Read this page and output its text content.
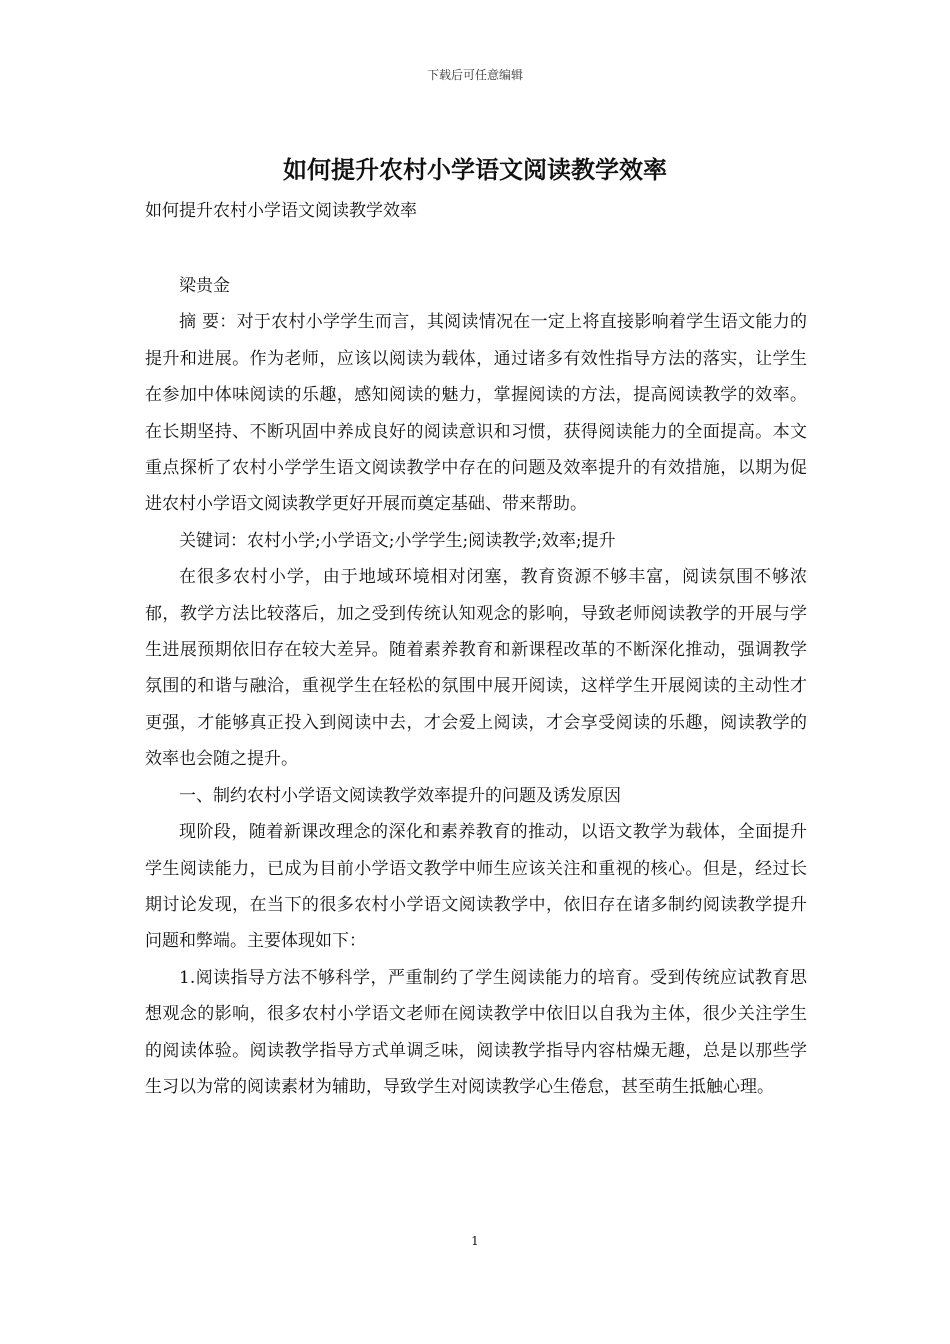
下载后可任意编辑
如何提升农村小学语文阅读教学效率
如何提升农村小学语文阅读教学效率

梁贵金

摘 要：对于农村小学学生而言，其阅读情况在一定上将直接影响着学生语文能力的提升和进展。作为老师，应该以阅读为载体，通过诸多有效性指导方法的落实，让学生在参加中体味阅读的乐趣，感知阅读的魅力，掌握阅读的方法，提高阅读教学的效率。在长期坚持、不断巩固中养成良好的阅读意识和习惯，获得阅读能力的全面提高。本文重点探析了农村小学学生语文阅读教学中存在的问题及效率提升的有效措施，以期为促进农村小学语文阅读教学更好开展而奠定基础、带来帮助。

关键词：农村小学;小学语文;小学学生;阅读教学;效率;提升

在很多农村小学，由于地域环境相对闭塞，教育资源不够丰富，阅读氛围不够浓郁，教学方法比较落后，加之受到传统认知观念的影响，导致老师阅读教学的开展与学生进展预期依旧存在较大差异。随着素养教育和新课程改革的不断深化推动，强调教学氛围的和谐与融洽，重视学生在轻松的氛围中展开阅读，这样学生开展阅读的主动性才更强，才能够真正投入到阅读中去，才会爱上阅读，才会享受阅读的乐趣，阅读教学的效率也会随之提升。

一、制约农村小学语文阅读教学效率提升的问题及诱发原因

现阶段，随着新课改理念的深化和素养教育的推动，以语文教学为载体，全面提升学生阅读能力，已成为目前小学语文教学中师生应该关注和重视的核心。但是，经过长期讨论发现，在当下的很多农村小学语文阅读教学中，依旧存在诸多制约阅读教学提升问题和弊端。主要体现如下：

1.阅读指导方法不够科学，严重制约了学生阅读能力的培育。受到传统应试教育思想观念的影响，很多农村小学语文老师在阅读教学中依旧以自我为主体，很少关注学生的阅读体验。阅读教学指导方式单调乏味，阅读教学指导内容枯燥无趣，总是以那些学生习以为常的阅读素材为辅助，导致学生对阅读教学心生倦怠，甚至萌生抵触心理。

1
